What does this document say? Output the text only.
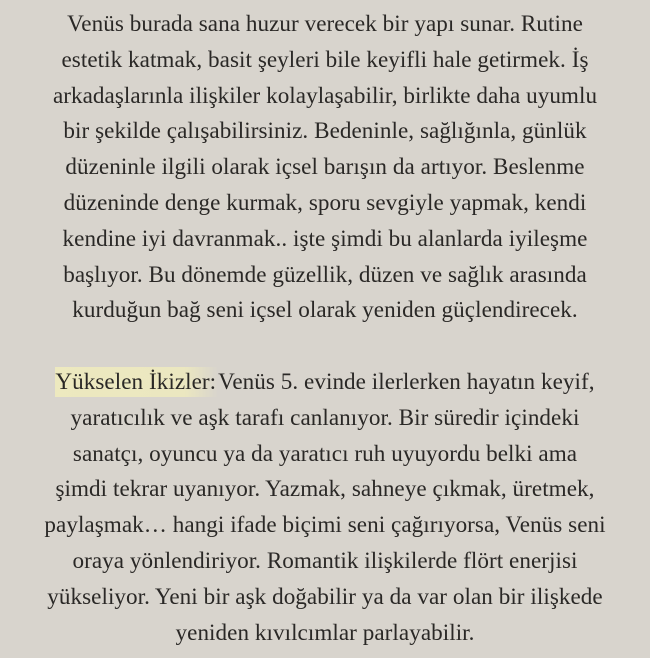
Venüs burada sana huzur verecek bir yapı sunar. Rutine
estetik katmak, basit şeyleri bile keyifli hale getirmek. İş
arkadaşlarınla ilişkiler kolaylaşabilir, birlikte daha uyumlu
bir şekilde çalışabilirsiniz. Bedeninle, sağlığınla, günlük
düzeninle ilgili olarak içsel barışın da artıyor. Beslenme
düzeninde denge kurmak, sporu sevgiyle yapmak, kendi
kendine iyi davranmak.. işte şimdi bu alanlarda iyileşme
başlıyor. Bu dönemde güzellik, düzen ve sağlık arasında
kurduğun bağ seni içsel olarak yeniden güçlendirecek.
Yükselen İkizler:Venüs 5. evinde ilerlerken hayatın keyif,
yaratıcılık ve aşk tarafı canlanıyor. Bir süredir içindeki
sanatçı, oyuncu ya da yaratıcı ruh uyuyordu belki ama
şimdi tekrar uyanıyor. Yazmak, sahneye çıkmak, üretmek,
paylaşmak… hangi ifade biçimi seni çağırıyorsa, Venüs seni
oraya yönlendiriyor. Romantik ilişkilerde flört enerjisi
yükseliyor. Yeni bir aşk doğabilir ya da var olan bir ilişkede
yeniden kıvılcımlar parlayabilir.
